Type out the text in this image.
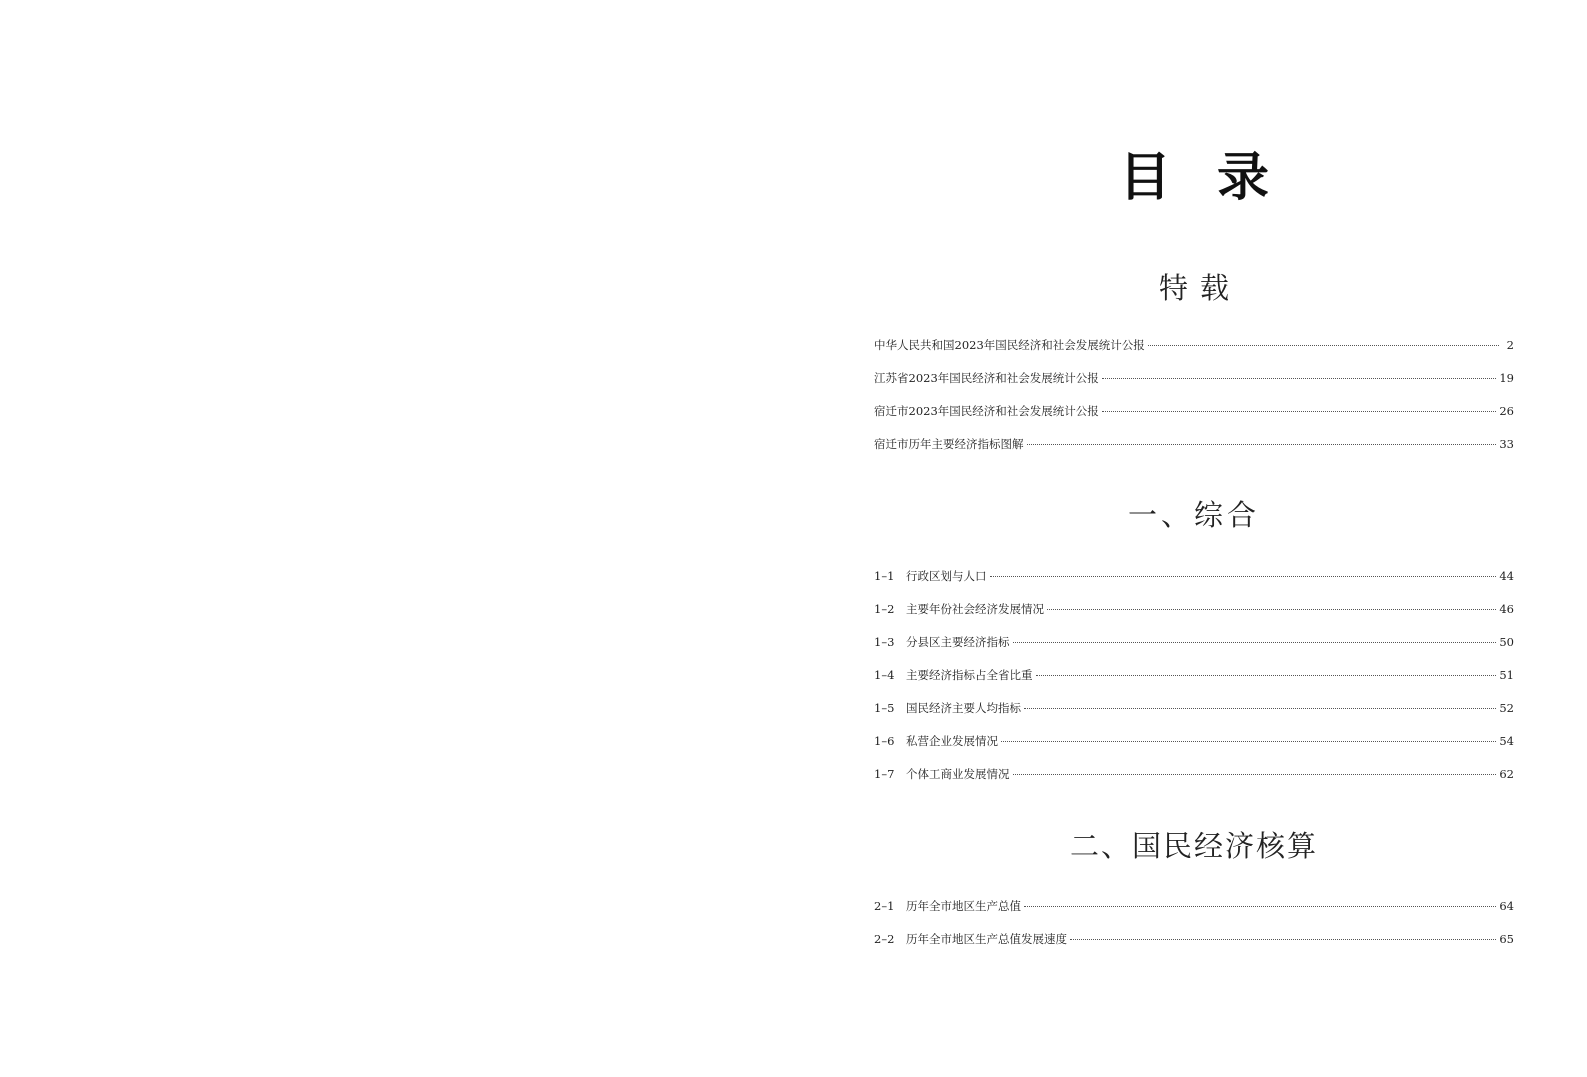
目录
特载
中华人民共和国2023年国民经济和社会发展统计公报	2
江苏省2023年国民经济和社会发展统计公报	19
宿迁市2023年国民经济和社会发展统计公报	26
宿迁市历年主要经济指标图解	33
一、综合
1–1	行政区划与人口	44
1–2	主要年份社会经济发展情况	46
1–3	分县区主要经济指标	50
1–4	主要经济指标占全省比重	51
1–5	国民经济主要人均指标	52
1–6	私营企业发展情况	54
1–7	个体工商业发展情况	62
二、国民经济核算
2–1	历年全市地区生产总值	64
2–2	历年全市地区生产总值发展速度	65
